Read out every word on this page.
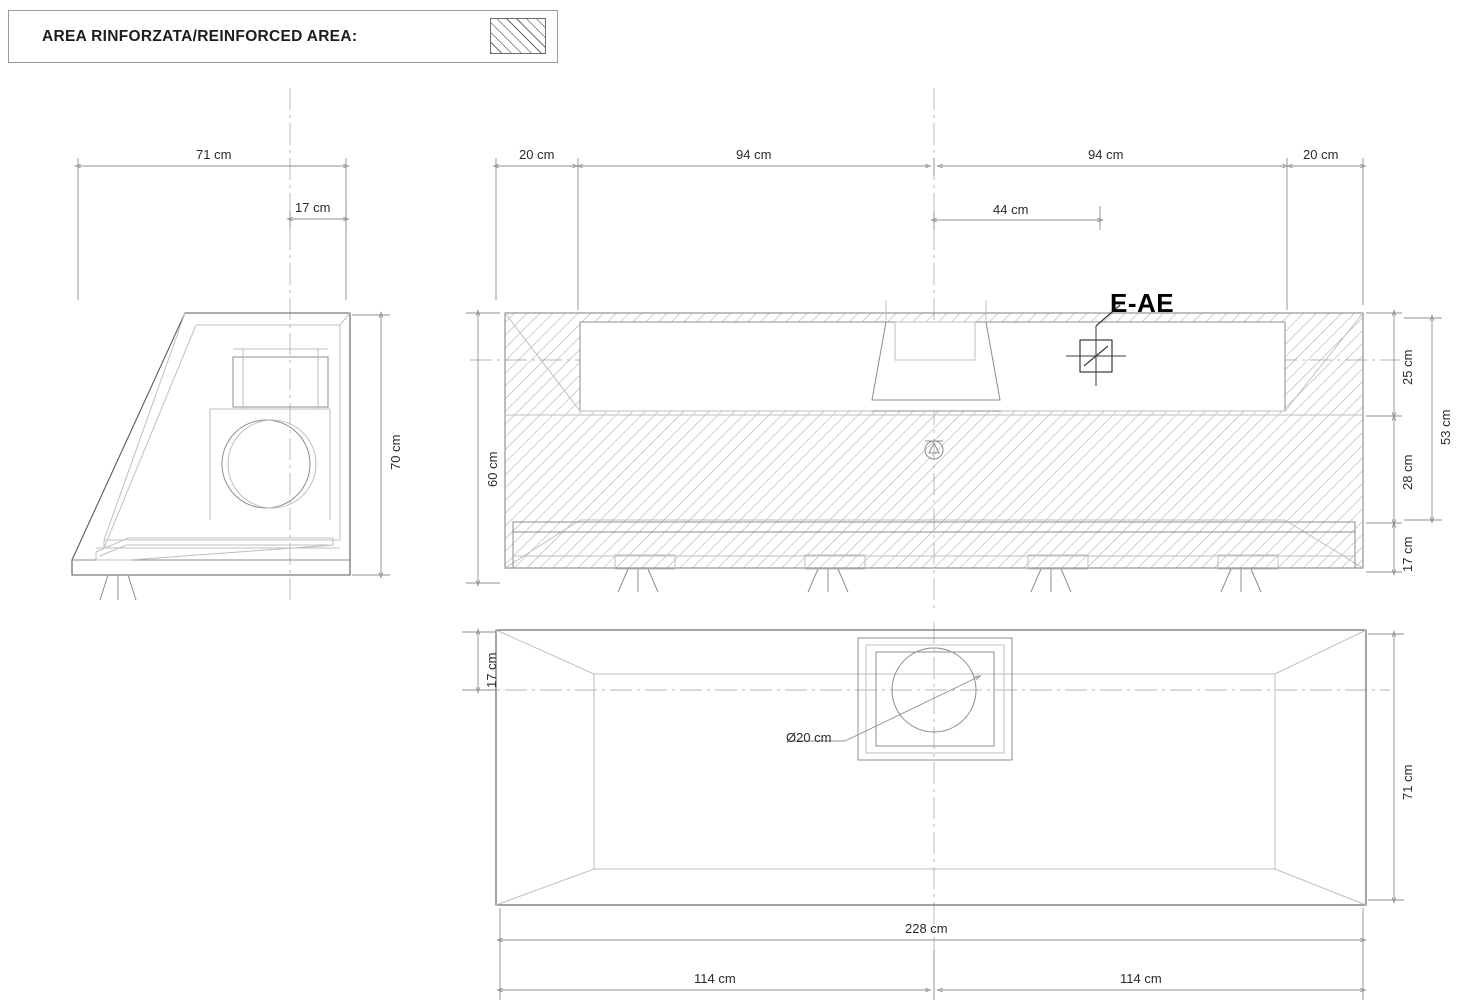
AREA RINFORZATA/REINFORCED AREA:
71 cm
17 cm
70 cm
20 cm	94 cm	94 cm	20 cm
44 cm
60 cm
25 cm
28 cm
17 cm
53 cm
17 cm
71 cm
228 cm
114 cm	114 cm
Ø20 cm
E-AE
